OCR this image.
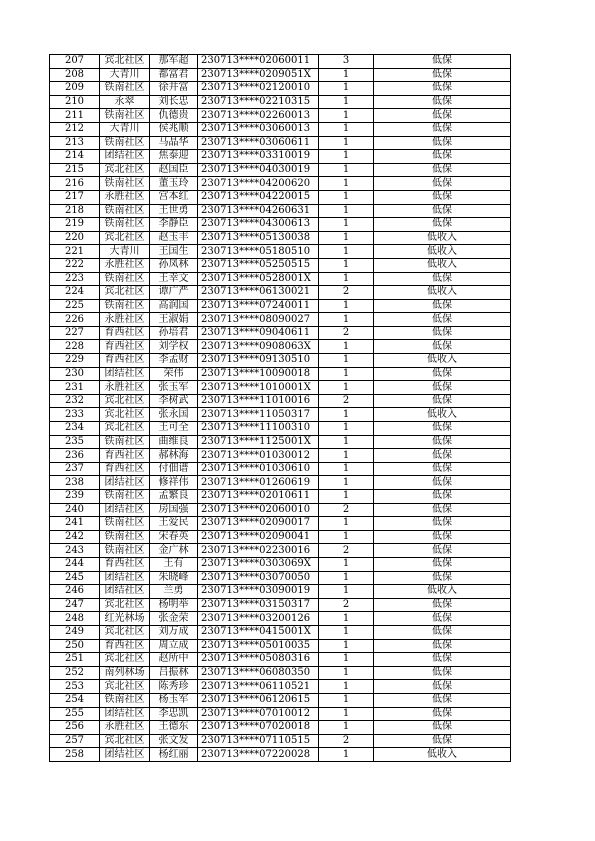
207	宾北社区	那军超	230713****02060011	3	低保
208	大青川	都富君	230713****0209051X	1	低保
209	铁南社区	徐井富	230713****02120010	1	低保
210	永翠	刘长忠	230713****02210315	1	低保
211	铁南社区	仇德贵	230713****02260013	1	低保
212	大青川	侯兆顺	230713****03060013	1	低保
213	铁南社区	马晶华	230713****03060611	1	低保
214	团结社区	焦泰迎	230713****03310019	1	低保
215	宾北社区	赵国臣	230713****04030019	1	低保
216	铁南社区	董玉玲	230713****04200620	1	低保
217	永胜社区	宫本红	230713****04220015	1	低保
218	铁南社区	王世勇	230713****04260631	1	低保
219	铁南社区	李静臣	230713****04300613	1	低保
220	宾北社区	赵玉丰	230713****05130038	1	低收入
221	大青川	王国生	230713****05180510	1	低收入
222	永胜社区	孙凤林	230713****05250515	1	低收入
223	铁南社区	王幸文	230713****0528001X	1	低保
224	宾北社区	谭广严	230713****06130021	2	低收入
225	铁南社区	高润国	230713****07240011	1	低保
226	永胜社区	王淑娟	230713****08090027	1	低保
227	育西社区	孙培君	230713****09040611	2	低保
228	育西社区	刘学权	230713****0908063X	1	低保
229	育西社区	李孟财	230713****09130510	1	低收入
230	团结社区	荣伟	230713****10090018	1	低保
231	永胜社区	张玉军	230713****1010001X	1	低保
232	宾北社区	李树武	230713****11010016	2	低保
233	宾北社区	张永国	230713****11050317	1	低收入
234	宾北社区	王可全	230713****11100310	1	低保
235	铁南社区	曲维良	230713****1125001X	1	低保
236	育西社区	郝林海	230713****01030012	1	低保
237	育西社区	付佃谱	230713****01030610	1	低保
238	团结社区	修祥伟	230713****01260619	1	低保
239	铁南社区	孟繁良	230713****02010611	1	低保
240	团结社区	房国强	230713****02060010	2	低保
241	铁南社区	王爱民	230713****02090017	1	低保
242	铁南社区	宋春英	230713****02090041	1	低保
243	铁南社区	金广林	230713****02230016	2	低保
244	育西社区	王有	230713****0303069X	1	低保
245	团结社区	朱晓峰	230713****03070050	1	低保
246	团结社区	兰勇	230713****03090019	1	低收入
247	宾北社区	杨明举	230713****03150317	2	低保
248	红光林场	张金荣	230713****03200126	1	低保
249	宾北社区	刘万成	230713****0415001X	1	低保
250	育西社区	周立成	230713****05010035	1	低保
251	宾北社区	赵所中	230713****05080316	1	低保
252	南列林场	吕振林	230713****06080350	1	低保
253	宾北社区	陈秀珍	230713****06110521	1	低保
254	铁南社区	杨玉军	230713****06120615	1	低保
255	团结社区	李忠凯	230713****07010012	1	低保
256	永胜社区	王德东	230713****07020018	1	低保
257	宾北社区	张文发	230713****07110515	2	低保
258	团结社区	杨红丽	230713****07220028	1	低收入
